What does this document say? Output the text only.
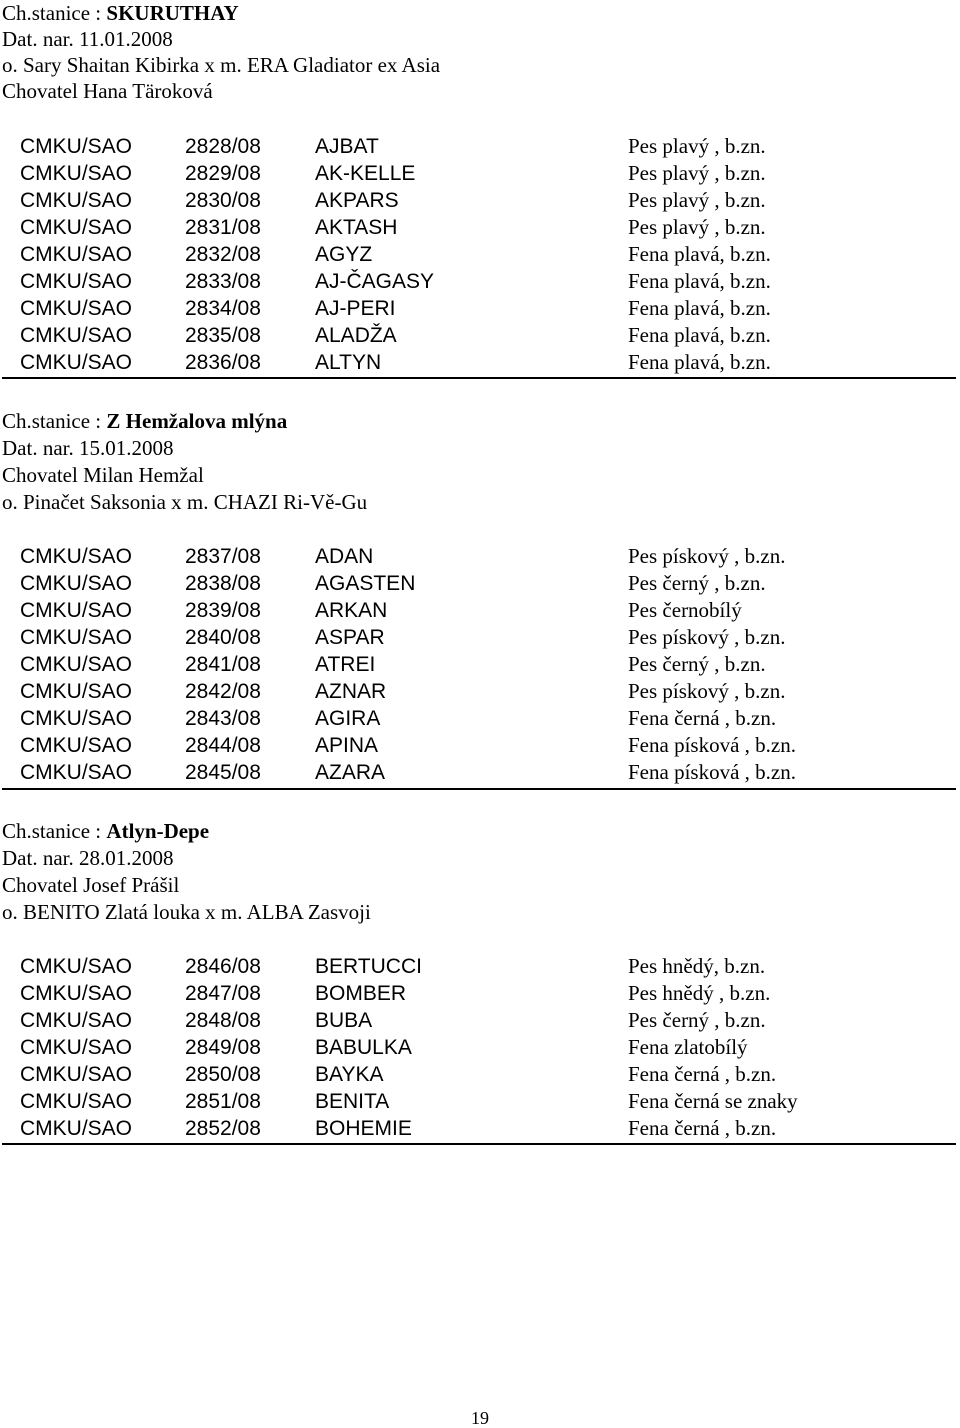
Ch.stanice : SKURUTHAY
Dat. nar. 11.01.2008
o. Sary Shaitan Kibirka x m. ERA Gladiator ex Asia
Chovatel Hana Täroková
CMKU/SAO	2828/08	AJBAT	Pes plavý , b.zn.
CMKU/SAO	2829/08	AK-KELLE	Pes plavý , b.zn.
CMKU/SAO	2830/08	AKPARS	Pes plavý , b.zn.
CMKU/SAO	2831/08	AKTASH	Pes plavý , b.zn.
CMKU/SAO	2832/08	AGYZ	Fena plavá, b.zn.
CMKU/SAO	2833/08	AJ-ČAGASY	Fena plavá, b.zn.
CMKU/SAO	2834/08	AJ-PERI	Fena plavá, b.zn.
CMKU/SAO	2835/08	ALADŽA	Fena plavá, b.zn.
CMKU/SAO	2836/08	ALTYN	Fena plavá, b.zn.
Ch.stanice : Z Hemžalova mlýna
Dat. nar. 15.01.2008
Chovatel Milan Hemžal
o. Pinačet Saksonia x m. CHAZI Ri-Vě-Gu
CMKU/SAO	2837/08	ADAN	Pes pískový , b.zn.
CMKU/SAO	2838/08	AGASTEN	Pes černý , b.zn.
CMKU/SAO	2839/08	ARKAN	Pes černobílý
CMKU/SAO	2840/08	ASPAR	Pes pískový , b.zn.
CMKU/SAO	2841/08	ATREI	Pes černý , b.zn.
CMKU/SAO	2842/08	AZNAR	Pes pískový , b.zn.
CMKU/SAO	2843/08	AGIRA	Fena černá , b.zn.
CMKU/SAO	2844/08	APINA	Fena písková , b.zn.
CMKU/SAO	2845/08	AZARA	Fena písková , b.zn.
Ch.stanice : Atlyn-Depe
Dat. nar. 28.01.2008
Chovatel Josef Prášil
o. BENITO Zlatá louka x m. ALBA Zasvoji
CMKU/SAO	2846/08	BERTUCCI	Pes hnědý, b.zn.
CMKU/SAO	2847/08	BOMBER	Pes hnědý , b.zn.
CMKU/SAO	2848/08	BUBA	Pes černý , b.zn.
CMKU/SAO	2849/08	BABULKA	Fena zlatobílý
CMKU/SAO	2850/08	BAYKA	Fena černá , b.zn.
CMKU/SAO	2851/08	BENITA	Fena černá se znaky
CMKU/SAO	2852/08	BOHEMIE	Fena černá , b.zn.
19
